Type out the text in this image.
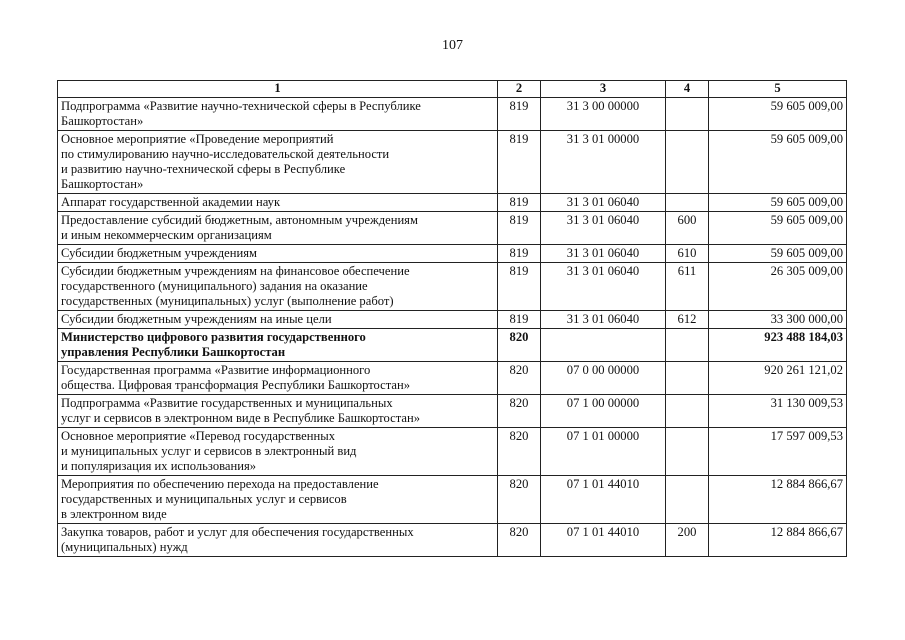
107
1	2	3	4	5
Подпрограмма «Развитие научно-технической сферы в Республике
Башкортостан»	819	31 3 00 00000		59 605 009,00
Основное мероприятие «Проведение мероприятий
по стимулированию научно-исследовательской деятельности
и развитию научно-технической сферы в Республике
Башкортостан»	819	31 3 01 00000		59 605 009,00
Аппарат государственной академии наук	819	31 3 01 06040		59 605 009,00
Предоставление субсидий бюджетным, автономным учреждениям
и иным некоммерческим организациям	819	31 3 01 06040	600	59 605 009,00
Субсидии бюджетным учреждениям	819	31 3 01 06040	610	59 605 009,00
Субсидии бюджетным учреждениям на финансовое обеспечение
государственного (муниципального) задания на оказание
государственных (муниципальных) услуг (выполнение работ)	819	31 3 01 06040	611	26 305 009,00
Субсидии бюджетным учреждениям на иные цели	819	31 3 01 06040	612	33 300 000,00
Министерство цифрового развития государственного
управления Республики Башкортостан	820			923 488 184,03
Государственная программа «Развитие информационного
общества. Цифровая трансформация Республики Башкортостан»	820	07 0 00 00000		920 261 121,02
Подпрограмма «Развитие государственных и муниципальных
услуг и сервисов в электронном виде в Республике Башкортостан»	820	07 1 00 00000		31 130 009,53
Основное мероприятие «Перевод государственных
и муниципальных услуг и сервисов в электронный вид
и популяризация их использования»	820	07 1 01 00000		17 597 009,53
Мероприятия по обеспечению перехода на предоставление
государственных и муниципальных услуг и сервисов
в электронном виде	820	07 1 01 44010		12 884 866,67
Закупка товаров, работ и услуг для обеспечения государственных
(муниципальных) нужд	820	07 1 01 44010	200	12 884 866,67
